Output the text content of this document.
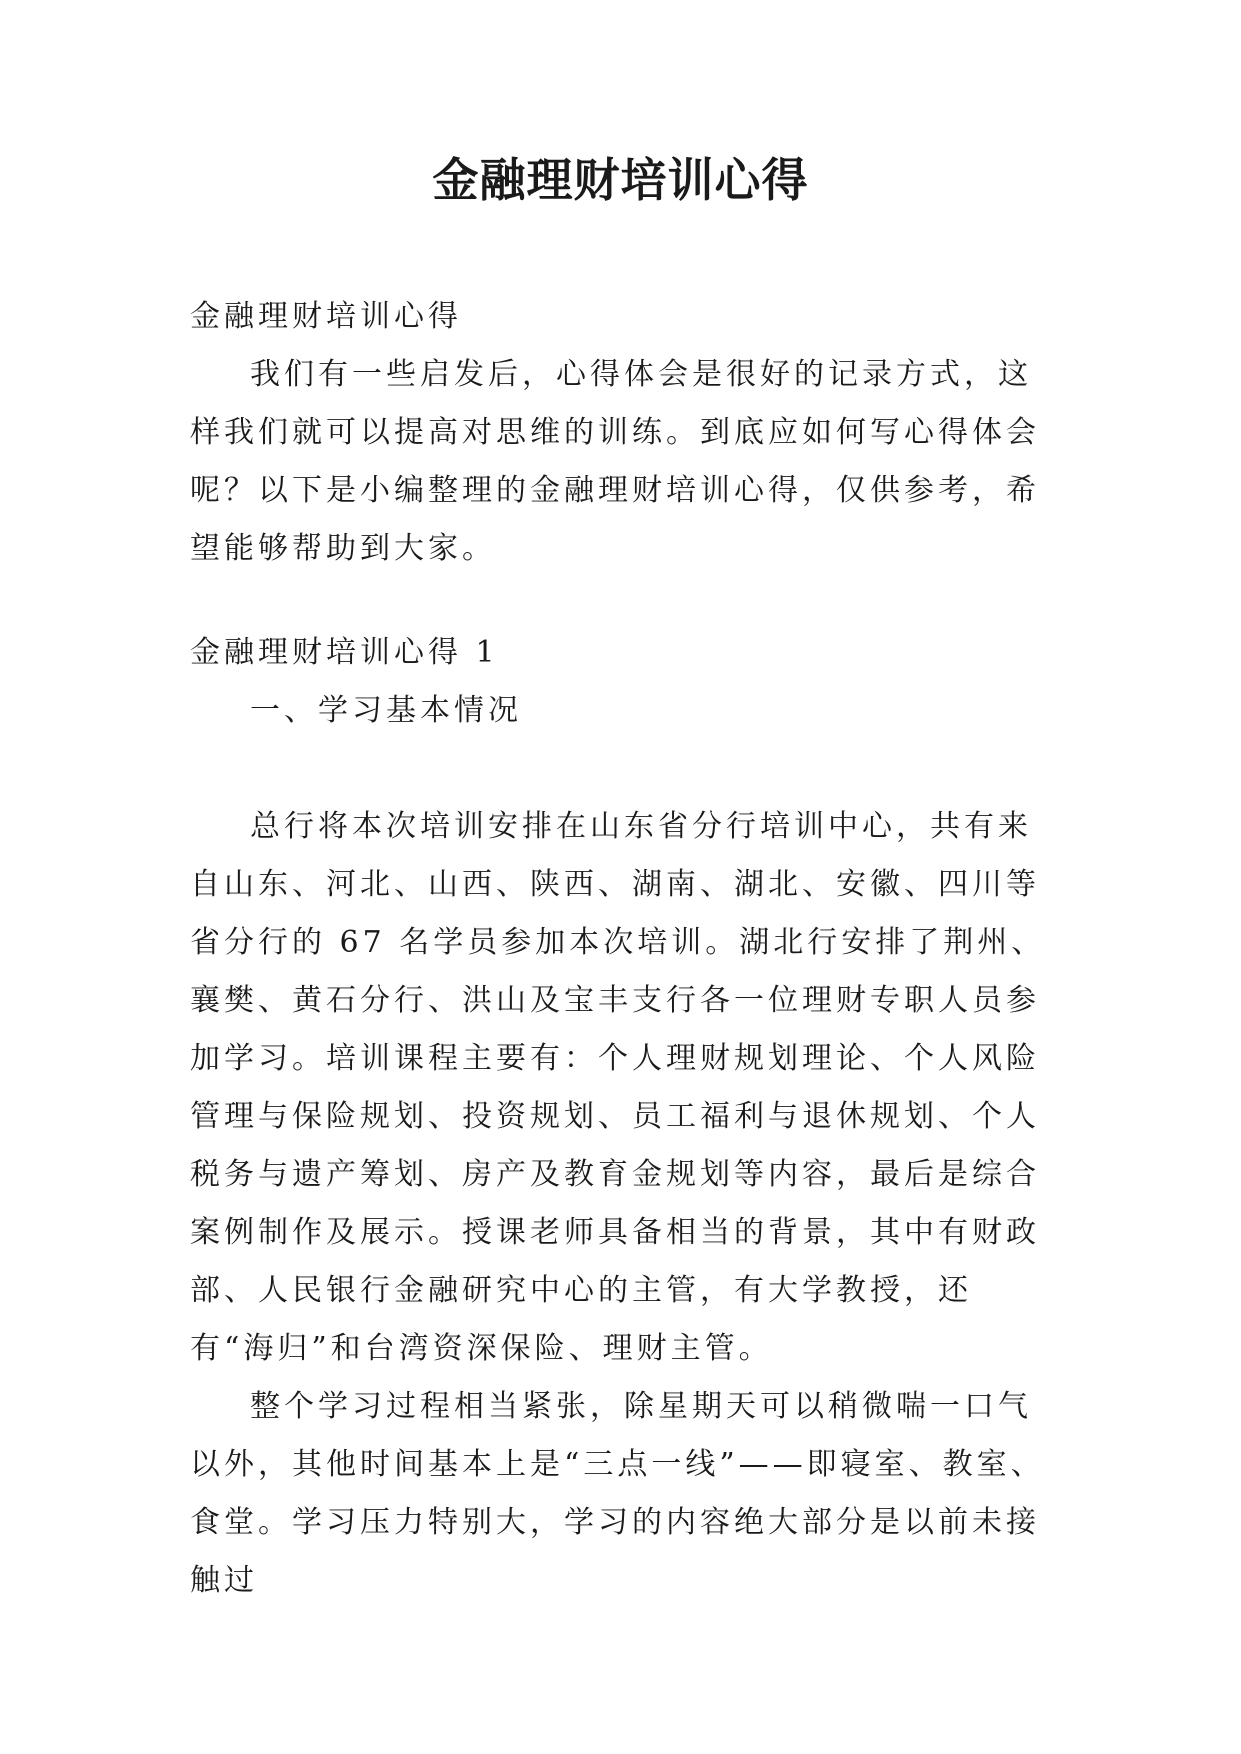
金融理财培训心得

金融理财培训心得

我们有一些启发后，心得体会是很好的记录方式，这样我们就可以提高对思维的训练。到底应如何写心得体会呢？以下是小编整理的金融理财培训心得，仅供参考，希望能够帮助到大家。

金融理财培训心得 1

一、学习基本情况

总行将本次培训安排在山东省分行培训中心，共有来自山东、河北、山西、陕西、湖南、湖北、安徽、四川等省分行的 67 名学员参加本次培训。湖北行安排了荆州、襄樊、黄石分行、洪山及宝丰支行各一位理财专职人员参加学习。培训课程主要有：个人理财规划理论、个人风险管理与保险规划、投资规划、员工福利与退休规划、个人税务与遗产筹划、房产及教育金规划等内容，最后是综合案例制作及展示。授课老师具备相当的背景，其中有财政部、人民银行金融研究中心的主管，有大学教授，还有“海归”和台湾资深保险、理财主管。

整个学习过程相当紧张，除星期天可以稍微喘一口气以外，其他时间基本上是“三点一线”——即寝室、教室、食堂。学习压力特别大，学习的内容绝大部分是以前未接触过
